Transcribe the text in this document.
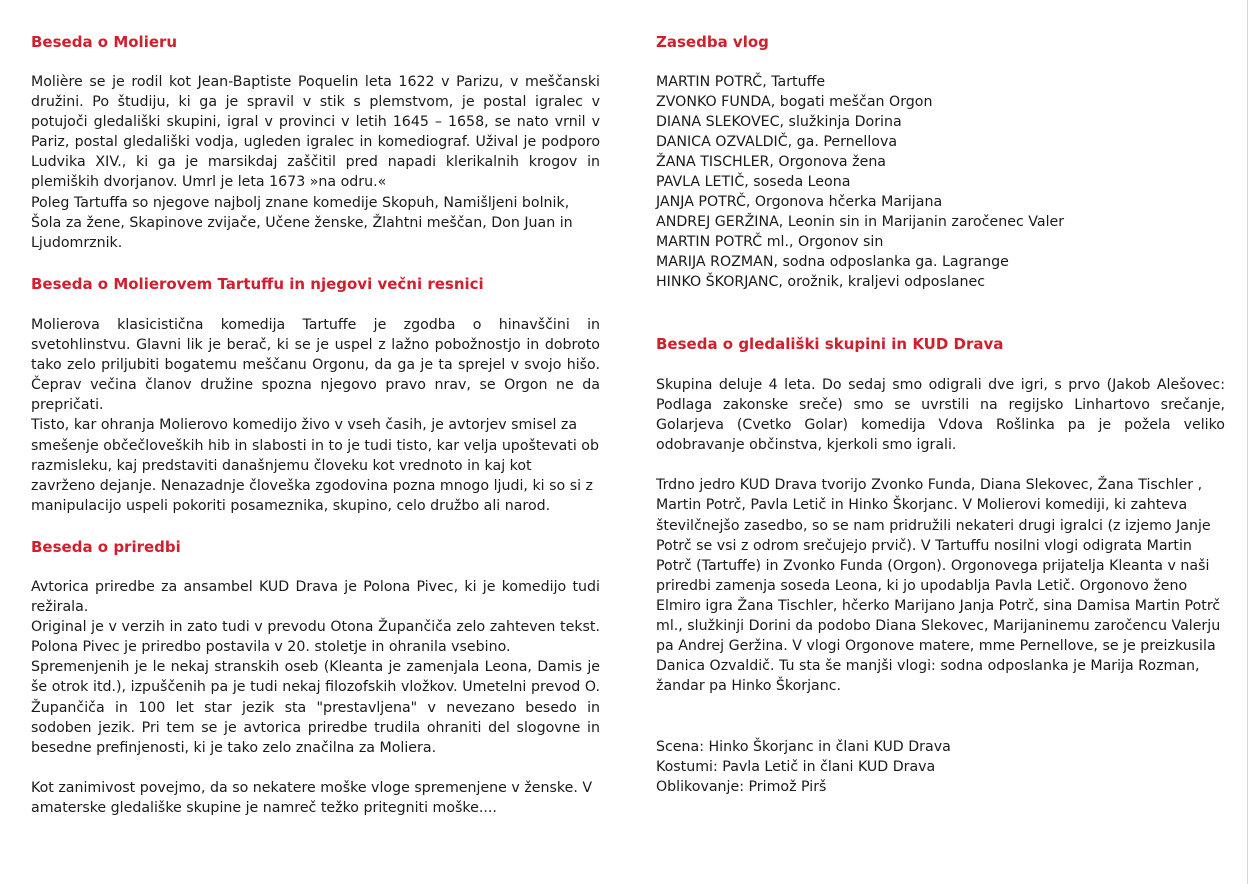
Beseda o Molieru

Molière se je rodil kot Jean-Baptiste Poquelin leta 1622 v Parizu, v meščanski družini. Po študiju, ki ga je spravil v stik s plemstvom, je postal igralec v potujoči gledališki skupini, igral v provinci v letih 1645 – 1658, se nato vrnil v Pariz, postal gledališki vodja, ugleden igralec in komediograf. Užival je podporo Ludvika XIV., ki ga je marsikdaj zaščitil pred napadi klerikalnih krogov in plemiških dvorjanov. Umrl je leta 1673 »na odru.«

Poleg Tartuffa so njegove najbolj znane komedije Skopuh, Namišljeni bolnik, Šola za žene, Skapinove zvijače, Učene ženske, Žlahtni meščan, Don Juan in Ljudomrznik.

Beseda o Molierovem Tartuffu in njegovi večni resnici

Molierova klasicistična komedija Tartuffe je zgodba o hinavščini in svetohlinstvu. Glavni lik je berač, ki se je uspel z lažno pobožnostjo in dobroto tako zelo priljubiti bogatemu meščanu Orgonu, da ga je ta sprejel v svojo hišo. Čeprav večina članov družine spozna njegovo pravo nrav, se Orgon ne da prepričati.

Tisto, kar ohranja Molierovo komedijo živo v vseh časih, je avtorjev smisel za smešenje občečloveških hib in slabosti in to je tudi tisto, kar velja upoštevati ob razmisleku, kaj predstaviti današnjemu človeku kot vrednoto in kaj kot zavrženo dejanje. Nenazadnje človeška zgodovina pozna mnogo ljudi, ki so si z manipulacijo uspeli pokoriti posameznika, skupino, celo družbo ali narod.

Beseda o priredbi

Avtorica priredbe za ansambel KUD Drava je Polona Pivec, ki je komedijo tudi režirala.

Original je v verzih in zato tudi v prevodu Otona Župančiča zelo zahteven tekst. Polona Pivec je priredbo postavila v 20. stoletje in ohranila vsebino.

Spremenjenih je le nekaj stranskih oseb (Kleanta je zamenjala Leona, Damis je še otrok itd.), izpuščenih pa je tudi nekaj filozofskih vložkov. Umetelni prevod O. Župančiča in 100 let star jezik sta "prestavljena" v nevezano besedo in sodoben jezik. Pri tem se je avtorica priredbe trudila ohraniti del slogovne in besedne prefinjenosti, ki je tako zelo značilna za Moliera.

Kot zanimivost povejmo, da so nekatere moške vloge spremenjene v ženske. V amaterske gledališke skupine je namreč težko pritegniti moške....

Zasedba vlog
MARTIN POTRČ, Tartuffe
ZVONKO FUNDA, bogati meščan Orgon
DIANA SLEKOVEC, služkinja Dorina
DANICA OZVALDIČ, ga. Pernellova
ŽANA TISCHLER, Orgonova žena
PAVLA LETIČ, soseda Leona
JANJA POTRČ, Orgonova hčerka Marijana
ANDREJ GERŽINA, Leonin sin in Marijanin zaročenec Valer
MARTIN POTRČ ml., Orgonov sin
MARIJA ROZMAN, sodna odposlanka ga. Lagrange
HINKO ŠKORJANC, orožnik, kraljevi odposlanec
Beseda o gledališki skupini in KUD Drava

Skupina deluje 4 leta. Do sedaj smo odigrali dve igri, s prvo (Jakob Alešovec: Podlaga zakonske sreče) smo se uvrstili na regijsko Linhartovo srečanje, Golarjeva (Cvetko Golar) komedija Vdova Rošlinka pa je požela veliko odobravanje občinstva, kjerkoli smo igrali.

Trdno jedro KUD Drava tvorijo Zvonko Funda, Diana Slekovec, Žana Tischler , Martin Potrč, Pavla Letič in Hinko Škorjanc. V Molierovi komediji, ki zahteva številčnejšo zasedbo, so se nam pridružili nekateri drugi igralci (z izjemo Janje Potrč se vsi z odrom srečujejo prvič). V Tartuffu nosilni vlogi odigrata Martin Potrč (Tartuffe) in Zvonko Funda (Orgon). Orgonovega prijatelja Kleanta v naši priredbi zamenja soseda Leona, ki jo upodablja Pavla Letič. Orgonovo ženo Elmiro igra Žana Tischler, hčerko Marijano Janja Potrč, sina Damisa Martin Potrč ml., služkinji Dorini da podobo Diana Slekovec, Marijaninemu zaročencu Valerju pa Andrej Geržina. V vlogi Orgonove matere, mme Pernellove, se je preizkusila Danica Ozvaldič. Tu sta še manjši vlogi: sodna odposlanka je Marija Rozman, žandar pa Hinko Škorjanc.

Scena: Hinko Škorjanc in člani KUD Drava
Kostumi: Pavla Letič in člani KUD Drava
Oblikovanje: Primož Pirš
